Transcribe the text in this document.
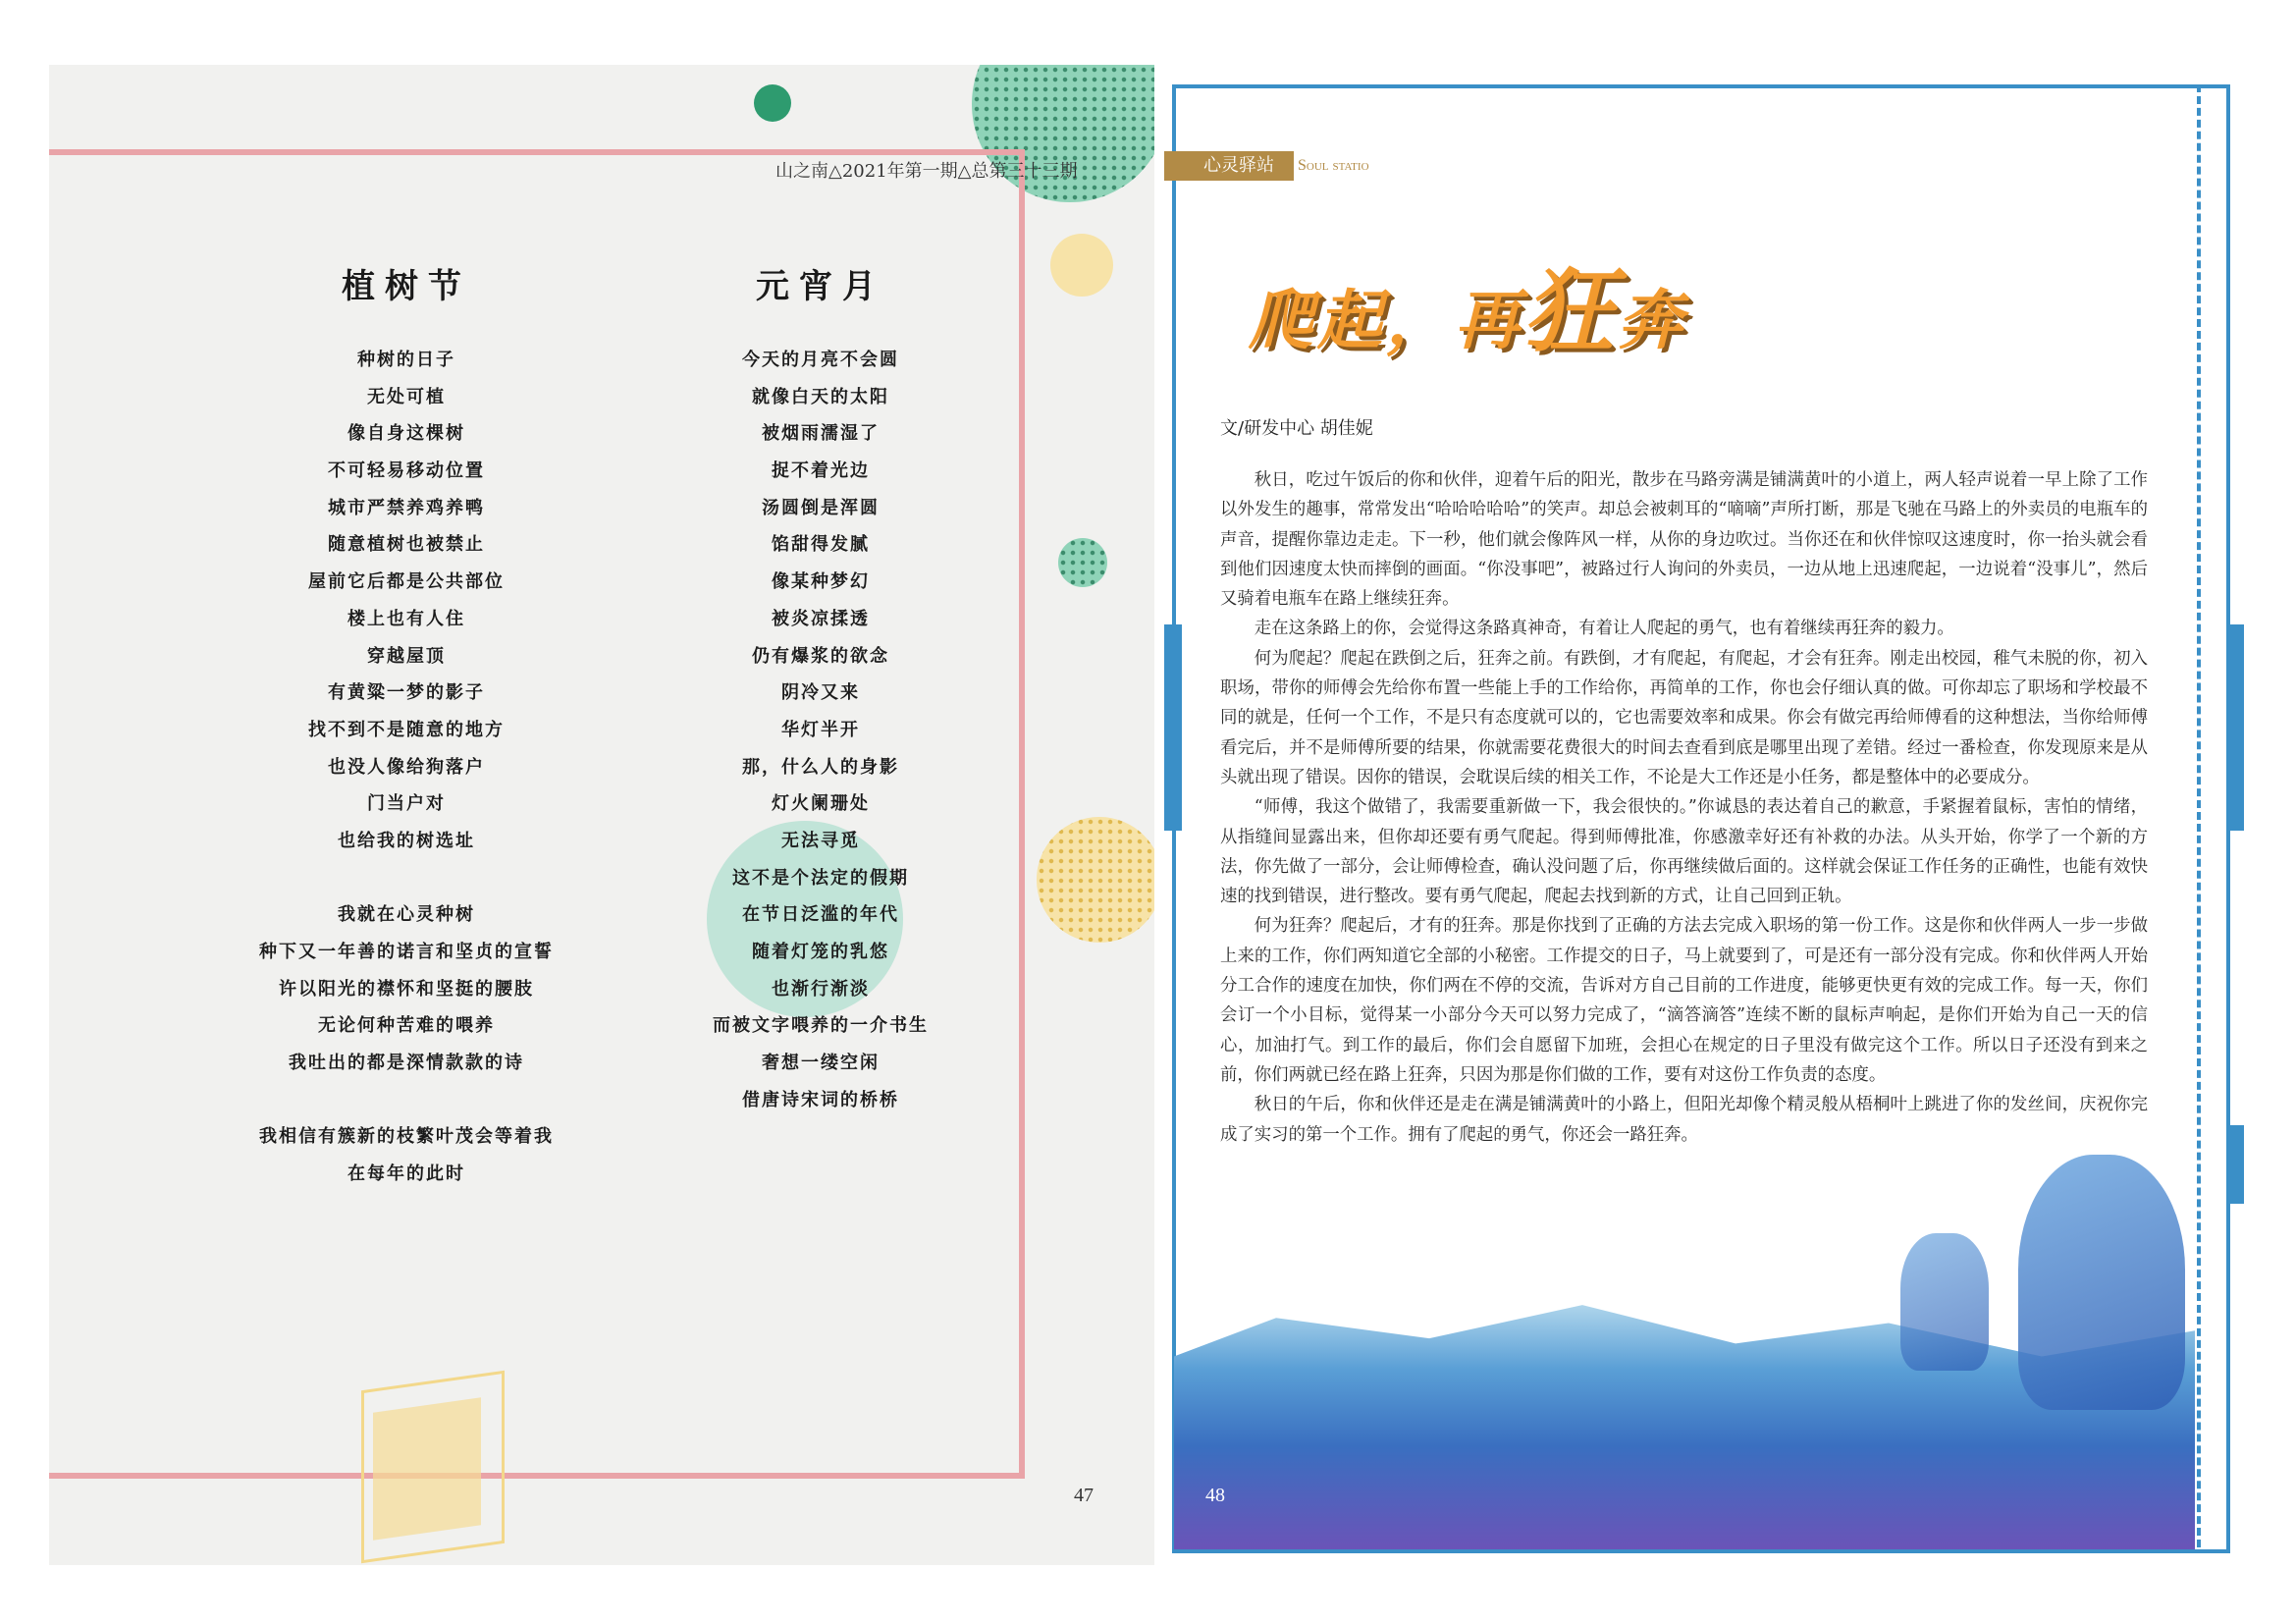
山之南△2021年第一期△总第三十三期
植树节	元宵月
种树的日子
无处可植
像自身这棵树
不可轻易移动位置
城市严禁养鸡养鸭
随意植树也被禁止
屋前它后都是公共部位
楼上也有人住
穿越屋顶
有黄粱一梦的影子
找不到不是随意的地方
也没人像给狗落户
门当户对
也给我的树选址
我就在心灵种树
种下又一年善的诺言和坚贞的宣誓
许以阳光的襟怀和坚挺的腰肢
无论何种苦难的喂养
我吐出的都是深情款款的诗
我相信有簇新的枝繁叶茂会等着我
在每年的此时
今天的月亮不会圆
就像白天的太阳
被烟雨濡湿了
捉不着光边
汤圆倒是浑圆
馅甜得发腻
像某种梦幻
被炎凉揉透
仍有爆浆的欲念
阴冷又来
华灯半开
那，什么人的身影
灯火阑珊处
无法寻觅
这不是个法定的假期
在节日泛滥的年代
随着灯笼的乳悠
也渐行渐淡
而被文字喂养的一介书生
奢想一缕空闲
借唐诗宋词的桥桥
47
心灵驿站	Soul statio
爬起，再狂奔
文/研发中心 胡佳妮

秋日，吃过午饭后的你和伙伴，迎着午后的阳光，散步在马路旁满是铺满黄叶的小道上，两人轻声说着一早上除了工作以外发生的趣事，常常发出“哈哈哈哈哈”的笑声。却总会被刺耳的“嘀嘀”声所打断，那是飞驰在马路上的外卖员的电瓶车的声音，提醒你靠边走走。下一秒，他们就会像阵风一样，从你的身边吹过。当你还在和伙伴惊叹这速度时，你一抬头就会看到他们因速度太快而摔倒的画面。“你没事吧”，被路过行人询问的外卖员，一边从地上迅速爬起，一边说着“没事儿”，然后又骑着电瓶车在路上继续狂奔。

走在这条路上的你，会觉得这条路真神奇，有着让人爬起的勇气，也有着继续再狂奔的毅力。

何为爬起？爬起在跌倒之后，狂奔之前。有跌倒，才有爬起，有爬起，才会有狂奔。刚走出校园，稚气未脱的你，初入职场，带你的师傅会先给你布置一些能上手的工作给你，再简单的工作，你也会仔细认真的做。可你却忘了职场和学校最不同的就是，任何一个工作，不是只有态度就可以的，它也需要效率和成果。你会有做完再给师傅看的这种想法，当你给师傅看完后，并不是师傅所要的结果，你就需要花费很大的时间去查看到底是哪里出现了差错。经过一番检查，你发现原来是从头就出现了错误。因你的错误，会耽误后续的相关工作，不论是大工作还是小任务，都是整体中的必要成分。

“师傅，我这个做错了，我需要重新做一下，我会很快的。”你诚恳的表达着自己的歉意，手紧握着鼠标，害怕的情绪，从指缝间显露出来，但你却还要有勇气爬起。得到师傅批准，你感激幸好还有补救的办法。从头开始，你学了一个新的方法，你先做了一部分，会让师傅检查，确认没问题了后，你再继续做后面的。这样就会保证工作任务的正确性，也能有效快速的找到错误，进行整改。要有勇气爬起，爬起去找到新的方式，让自己回到正轨。

何为狂奔？爬起后，才有的狂奔。那是你找到了正确的方法去完成入职场的第一份工作。这是你和伙伴两人一步一步做上来的工作，你们两知道它全部的小秘密。工作提交的日子，马上就要到了，可是还有一部分没有完成。你和伙伴两人开始分工合作的速度在加快，你们两在不停的交流，告诉对方自己目前的工作进度，能够更快更有效的完成工作。每一天，你们会订一个小目标，觉得某一小部分今天可以努力完成了，“滴答滴答”连续不断的鼠标声响起，是你们开始为自己一天的信心，加油打气。到工作的最后，你们会自愿留下加班，会担心在规定的日子里没有做完这个工作。所以日子还没有到来之前，你们两就已经在路上狂奔，只因为那是你们做的工作，要有对这份工作负责的态度。

秋日的午后，你和伙伴还是走在满是铺满黄叶的小路上，但阳光却像个精灵般从梧桐叶上跳进了你的发丝间，庆祝你完成了实习的第一个工作。拥有了爬起的勇气，你还会一路狂奔。

48
